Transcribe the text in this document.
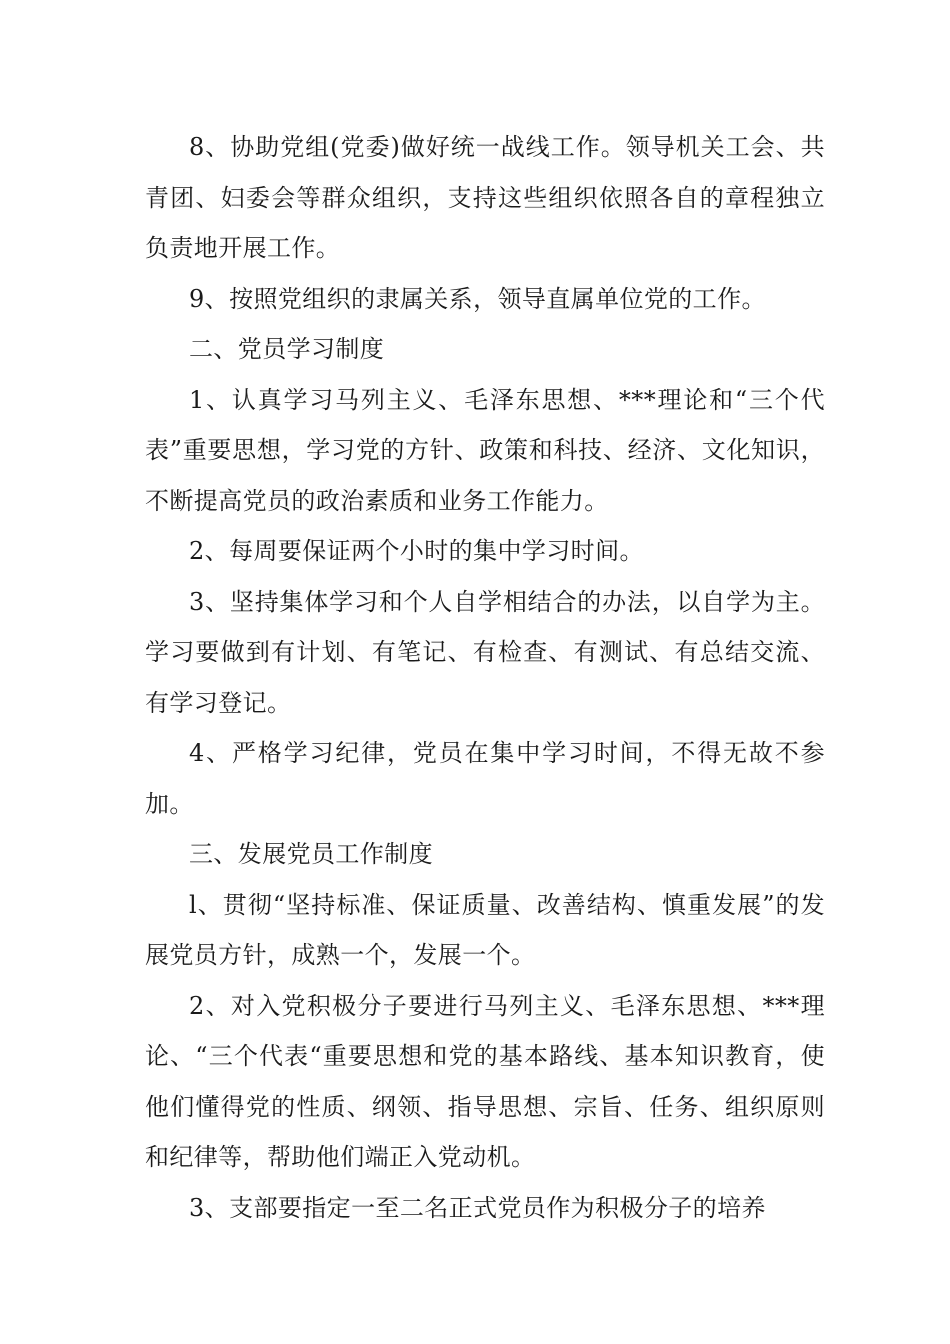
8、协助党组(党委)做好统一战线工作。领导机关工会、共青团、妇委会等群众组织，支持这些组织依照各自的章程独立负责地开展工作。

9、按照党组织的隶属关系，领导直属单位党的工作。

二、党员学习制度

1、认真学习马列主义、毛泽东思想、***理论和“三个代表”重要思想，学习党的方针、政策和科技、经济、文化知识，不断提高党员的政治素质和业务工作能力。

2、每周要保证两个小时的集中学习时间。

3、坚持集体学习和个人自学相结合的办法，以自学为主。学习要做到有计划、有笔记、有检查、有测试、有总结交流、有学习登记。

4、严格学习纪律，党员在集中学习时间，不得无故不参加。

三、发展党员工作制度

l、贯彻“坚持标准、保证质量、改善结构、慎重发展”的发展党员方针，成熟一个，发展一个。

2、对入党积极分子要进行马列主义、毛泽东思想、***理论、“三个代表“重要思想和党的基本路线、基本知识教育，使他们懂得党的性质、纲领、指导思想、宗旨、任务、组织原则和纪律等，帮助他们端正入党动机。

3、支部要指定一至二名正式党员作为积极分子的培养
